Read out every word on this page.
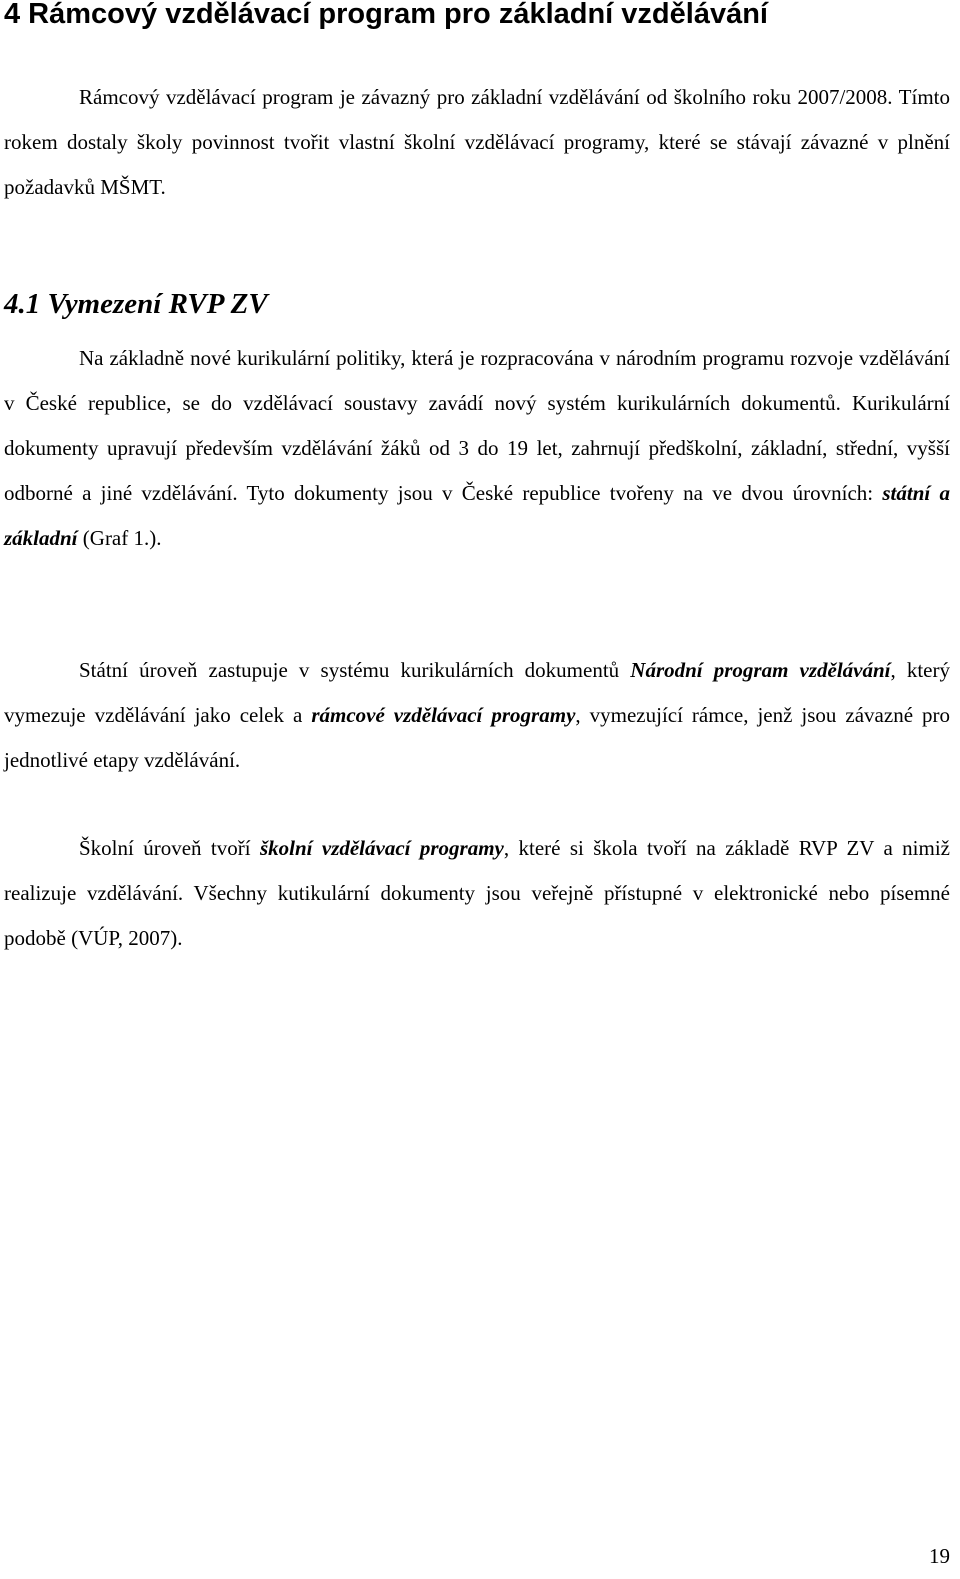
4 Rámcový vzdělávací program pro základní vzdělávání

Rámcový vzdělávací program je závazný pro základní vzdělávání od školního roku 2007/2008. Tímto rokem dostaly školy povinnost tvořit vlastní školní vzdělávací programy, které se stávají závazné v plnění požadavků MŠMT.

4.1 Vymezení RVP ZV

Na základně nové kurikulární politiky, která je rozpracována v národním programu rozvoje vzdělávání v České republice, se do vzdělávací soustavy zavádí nový systém kurikulárních dokumentů. Kurikulární dokumenty upravují především vzdělávání žáků od 3 do 19 let, zahrnují předškolní, základní, střední, vyšší odborné a jiné vzdělávání. Tyto dokumenty jsou v České republice tvořeny na ve dvou úrovních: státní a základní (Graf 1.).

Státní úroveň zastupuje v systému kurikulárních dokumentů Národní program vzdělávání, který vymezuje vzdělávání jako celek a rámcové vzdělávací programy, vymezující rámce, jenž jsou závazné pro jednotlivé etapy vzdělávání.

Školní úroveň tvoří školní vzdělávací programy, které si škola tvoří na základě RVP ZV a nimiž realizuje vzdělávání. Všechny kutikulární dokumenty jsou veřejně přístupné v elektronické nebo písemné podobě (VÚP, 2007).

19
